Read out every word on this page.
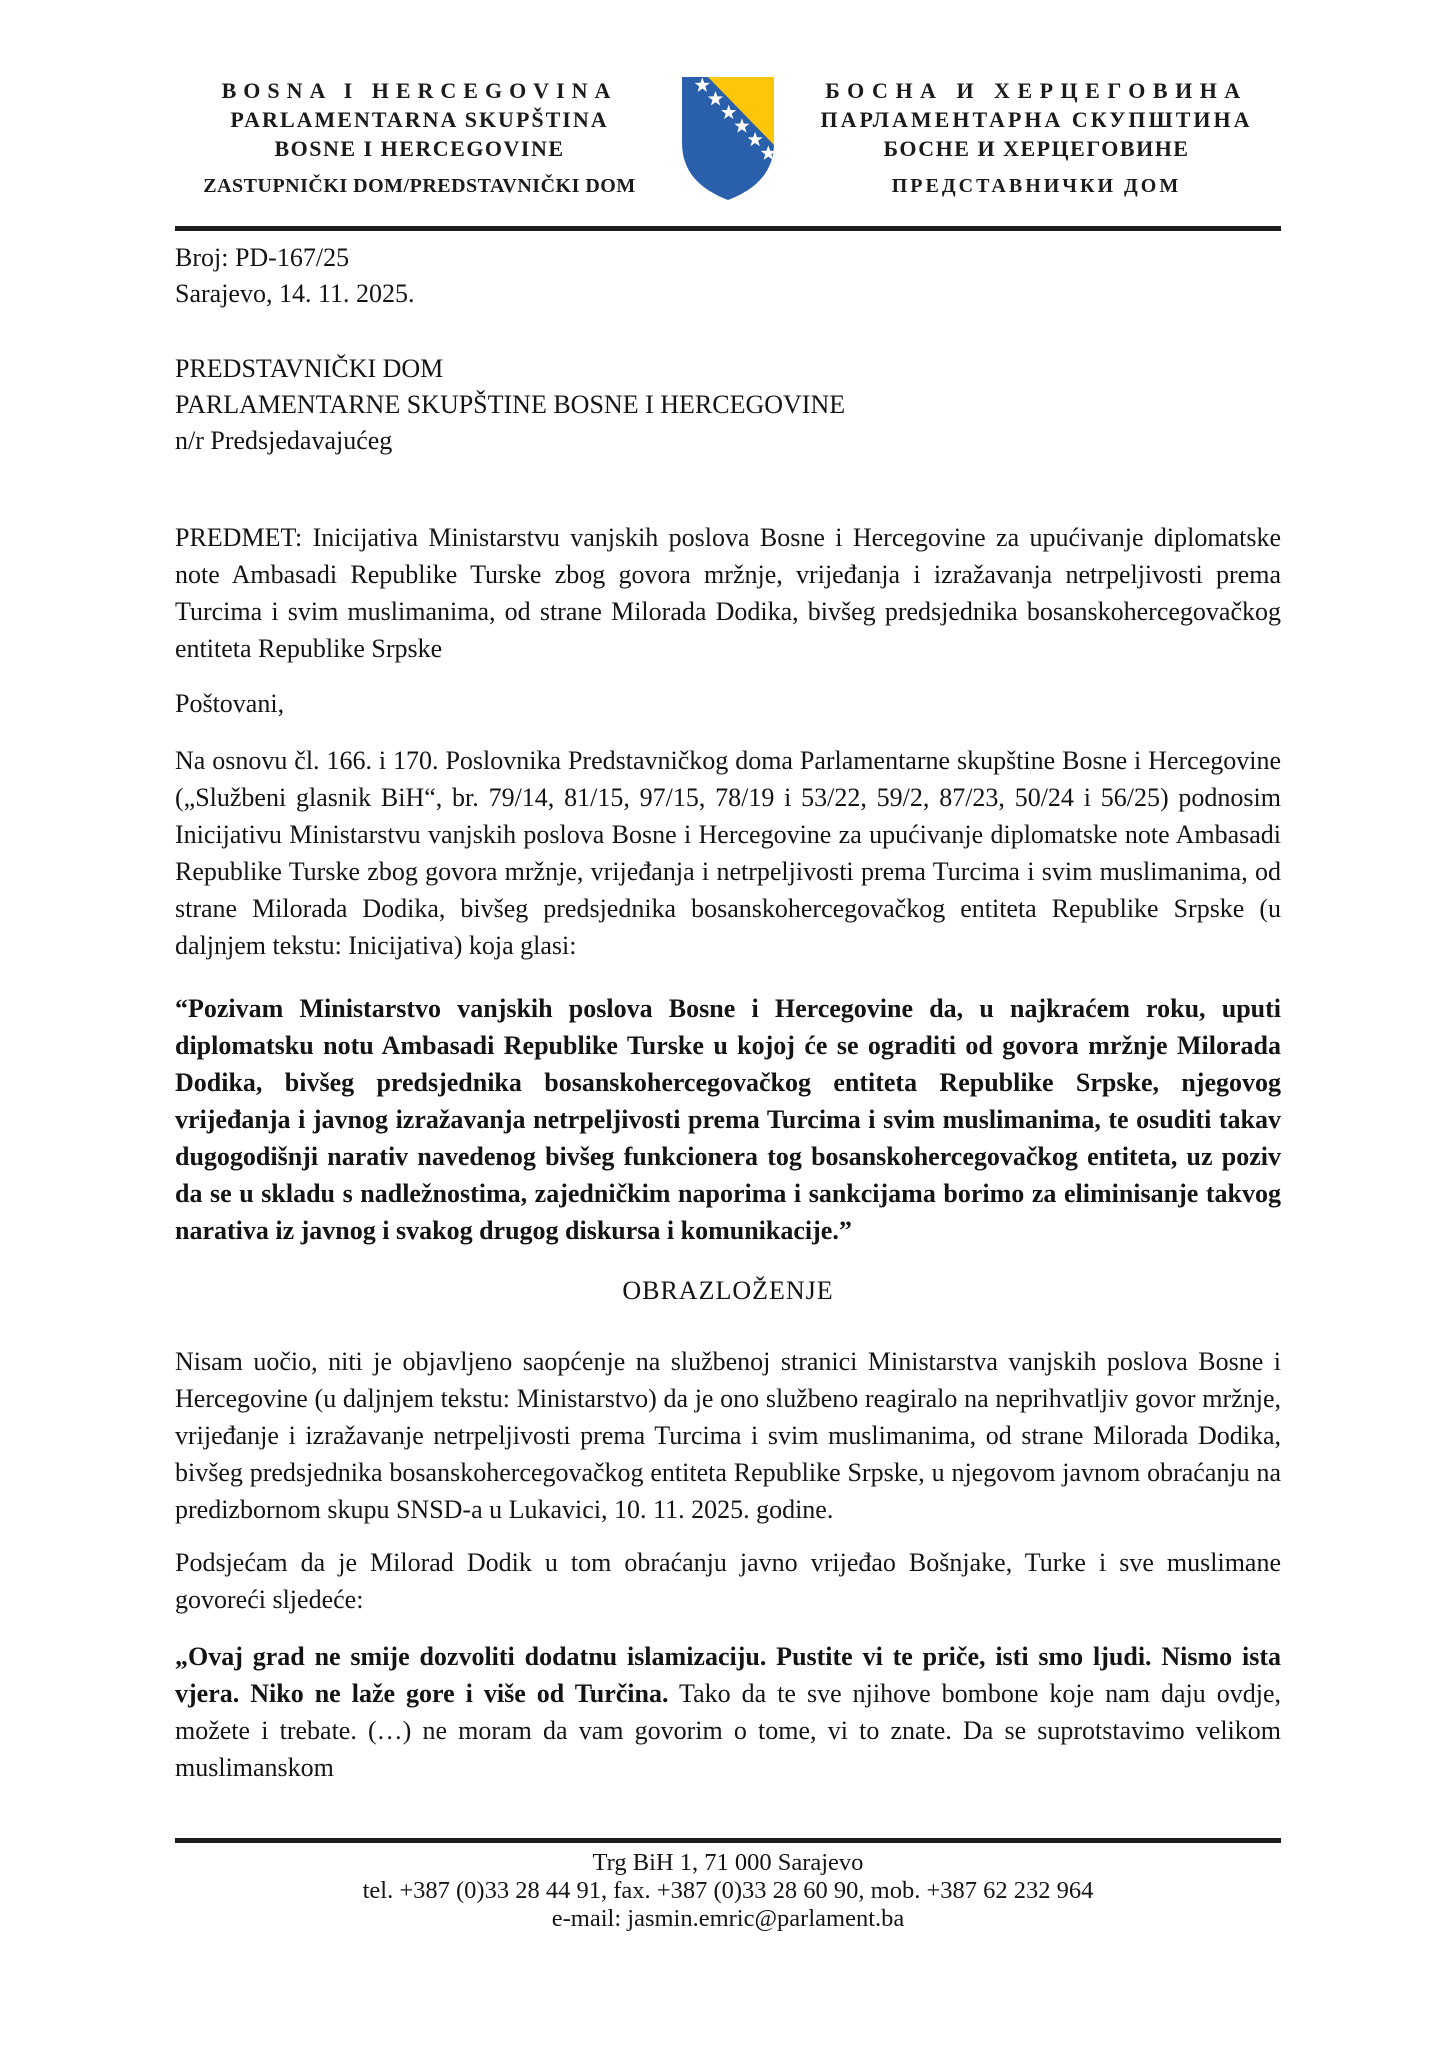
BOSNA I HERCEGOVINA
PARLAMENTARNA SKUPŠTINA
BOSNE I HERCEGOVINE
ZASTUPNIČKI DOM/PREDSTAVNIČKI DOM
БОСНА И ХЕРЦЕГОВИНА
ПАРЛАМЕНТАРНА СКУПШТИНА
БОСНЕ И ХЕРЦЕГОВИНЕ
ПРЕДСТАВНИЧКИ ДОМ
Broj: PD-167/25
Sarajevo, 14. 11. 2025.
PREDSTAVNIČKI DOM
PARLAMENTARNE SKUPŠTINE BOSNE I HERCEGOVINE
n/r Predsjedavajućeg

PREDMET: Inicijativa Ministarstvu vanjskih poslova Bosne i Hercegovine za upućivanje diplomatske note Ambasadi Republike Turske zbog govora mržnje, vrijeđanja i izražavanja netrpeljivosti prema Turcima i svim muslimanima, od strane Milorada Dodika, bivšeg predsjednika bosanskohercegovačkog entiteta Republike Srpske

Poštovani,

Na osnovu čl. 166. i 170. Poslovnika Predstavničkog doma Parlamentarne skupštine Bosne i Hercegovine („Službeni glasnik BiH“, br. 79/14, 81/15, 97/15, 78/19 i 53/22, 59/2, 87/23, 50/24 i 56/25) podnosim Inicijativu Ministarstvu vanjskih poslova Bosne i Hercegovine za upućivanje diplomatske note Ambasadi Republike Turske zbog govora mržnje, vrijeđanja i netrpeljivosti prema Turcima i svim muslimanima, od strane Milorada Dodika, bivšeg predsjednika bosanskohercegovačkog entiteta Republike Srpske (u daljnjem tekstu: Inicijativa) koja glasi:

“Pozivam Ministarstvo vanjskih poslova Bosne i Hercegovine da, u najkraćem roku, uputi diplomatsku notu Ambasadi Republike Turske u kojoj će se ograditi od govora mržnje Milorada Dodika, bivšeg predsjednika bosanskohercegovačkog entiteta Republike Srpske, njegovog vrijeđanja i javnog izražavanja netrpeljivosti prema Turcima i svim muslimanima, te osuditi takav dugogodišnji narativ navedenog bivšeg funkcionera tog bosanskohercegovačkog entiteta, uz poziv da se u skladu s nadležnostima, zajedničkim naporima i sankcijama borimo za eliminisanje takvog narativa iz javnog i svakog drugog diskursa i komunikacije.”

OBRAZLOŽENJE

Nisam uočio, niti je objavljeno saopćenje na službenoj stranici Ministarstva vanjskih poslova Bosne i Hercegovine (u daljnjem tekstu: Ministarstvo) da je ono službeno reagiralo na neprihvatljiv govor mržnje, vrijeđanje i izražavanje netrpeljivosti prema Turcima i svim muslimanima, od strane Milorada Dodika, bivšeg predsjednika bosanskohercegovačkog entiteta Republike Srpske, u njegovom javnom obraćanju na predizbornom skupu SNSD-a u Lukavici, 10. 11. 2025. godine.

Podsjećam da je Milorad Dodik u tom obraćanju javno vrijeđao Bošnjake, Turke i sve muslimane govoreći sljedeće:

„Ovaj grad ne smije dozvoliti dodatnu islamizaciju. Pustite vi te priče, isti smo ljudi. Nismo ista vjera. Niko ne laže gore i više od Turčina. Tako da te sve njihove bombone koje nam daju ovdje, možete i trebate. (…) ne moram da vam govorim o tome, vi to znate. Da se suprotstavimo velikom muslimanskom

Trg BiH 1, 71 000 Sarajevo
tel. +387 (0)33 28 44 91, fax. +387 (0)33 28 60 90, mob. +387 62 232 964
e-mail: jasmin.emric@parlament.ba
